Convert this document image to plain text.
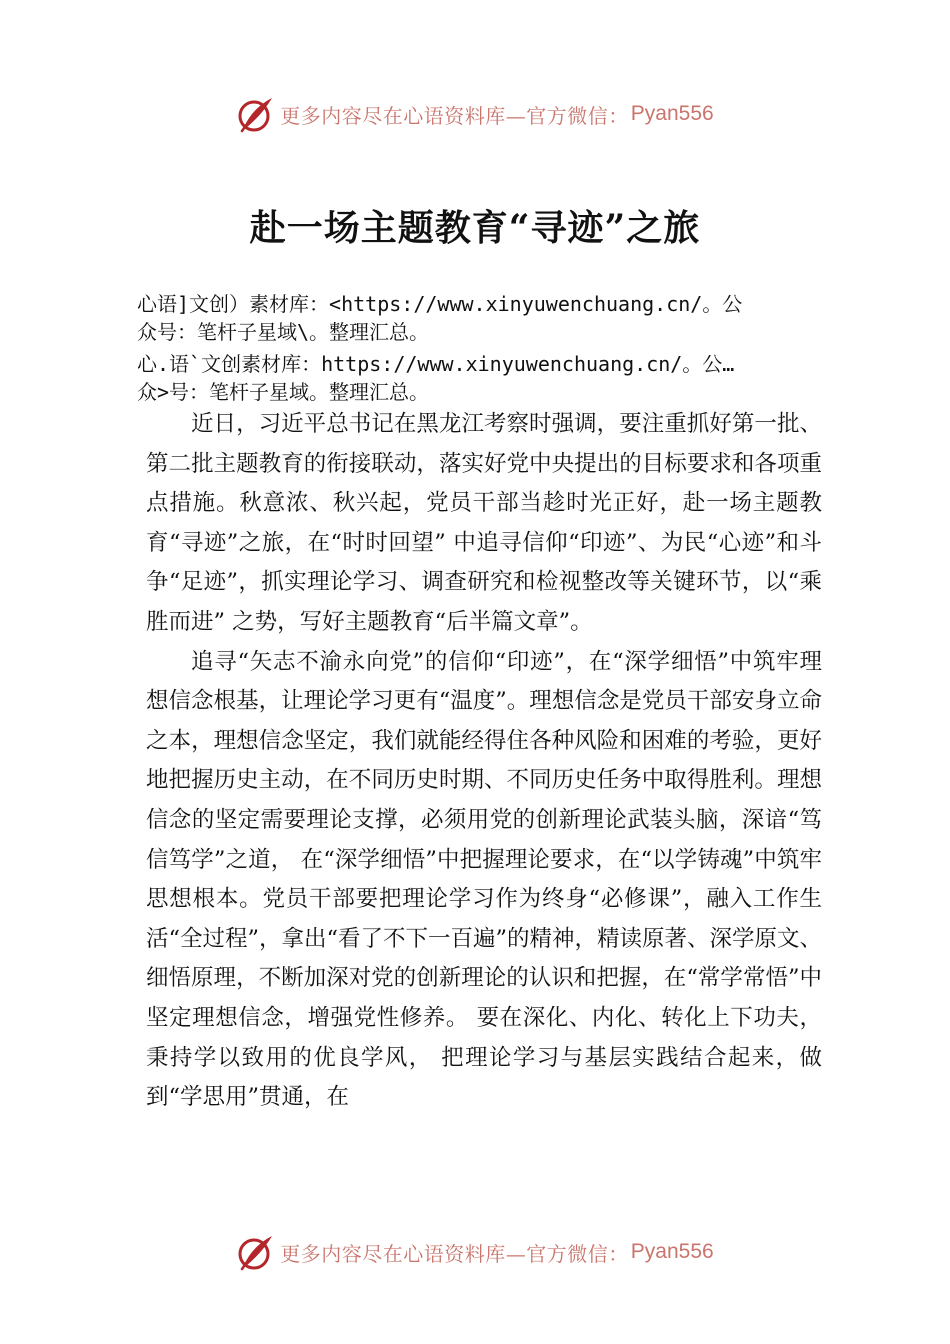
更多内容尽在心语资料库—官方微信： Pyan556
赴一场主题教育“寻迹”之旅
心语]文创）素材库：<https://www.xinyuwenchuang.cn/。公
众号：笔杆子星域\。整理汇总。
心.语`文创素材库：https://www.xinyuwenchuang.cn/。公…
众>号：笔杆子星域。整理汇总。

近日，习近平总书记在黑龙江考察时强调，要注重抓好第一批、第二批主题教育的衔接联动，落实好党中央提出的目标要求和各项重点措施。秋意浓、秋兴起，党员干部当趁时光正好，赴一场主题教育“寻迹”之旅，在“时时回望” 中追寻信仰“印迹”、为民“心迹”和斗争“足迹”，抓实理论学习、调查研究和检视整改等关键环节，以“乘胜而进” 之势，写好主题教育“后半篇文章”。

追寻“矢志不渝永向党”的信仰“印迹”，在“深学细悟”中筑牢理想信念根基，让理论学习更有“温度”。理想信念是党员干部安身立命之本，理想信念坚定，我们就能经得住各种风险和困难的考验，更好地把握历史主动，在不同历史时期、不同历史任务中取得胜利。理想信念的坚定需要理论支撑，必须用党的创新理论武装头脑，深谙“笃信笃学”之道， 在“深学细悟”中把握理论要求，在“以学铸魂”中筑牢思想根本。党员干部要把理论学习作为终身“必修课”，融入工作生活“全过程”，拿出“看了不下一百遍”的精神，精读原著、深学原文、细悟原理，不断加深对党的创新理论的认识和把握，在“常学常悟”中坚定理想信念，增强党性修养。 要在深化、内化、转化上下功夫，秉持学以致用的优良学风， 把理论学习与基层实践结合起来，做到“学思用”贯通，在

更多内容尽在心语资料库—官方微信： Pyan556
